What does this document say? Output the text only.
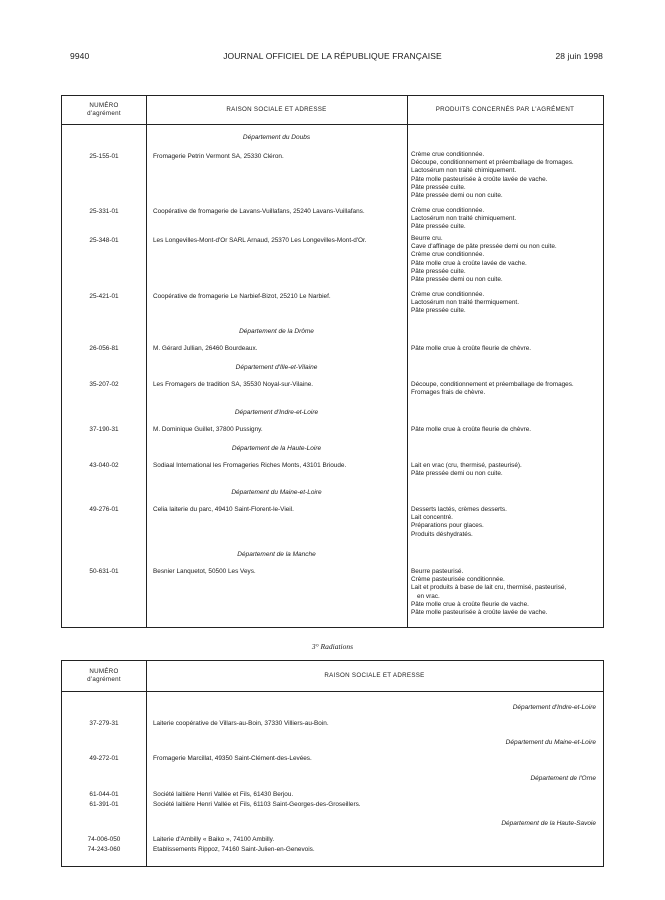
9940	JOURNAL OFFICIEL DE LA RÉPUBLIQUE FRANÇAISE	28 juin 1998
NUMÉRO
d'agrément
RAISON SOCIALE ET ADRESSE	PRODUITS CONCERNÉS PAR L'AGRÉMENT
Département du Doubs
25-155-01	Fromagerie Petrin Vermont SA, 25330 Cléron.	Crème crue conditionnée.
Découpe, conditionnement et préemballage de fromages.
Lactosérum non traité chimiquement.
Pâte molle pasteurisée à croûte lavée de vache.
Pâte pressée cuite.
Pâte pressée demi ou non cuite.
25-331-01	Coopérative de fromagerie de Lavans-Vuillafans, 25240 Lavans-Vuillafans.	Crème crue conditionnée.
Lactosérum non traité chimiquement.
Pâte pressée cuite.
25-348-01	Les Longevilles-Mont-d'Or SARL Arnaud, 25370 Les Longevilles-Mont-d'Or.	Beurre cru.
Cave d'affinage de pâte pressée demi ou non cuite.
Crème crue conditionnée.
Pâte molle crue à croûte lavée de vache.
Pâte pressée cuite.
Pâte pressée demi ou non cuite.
25-421-01	Coopérative de fromagerie Le Narbief-Bizot, 25210 Le Narbief.	Crème crue conditionnée.
Lactosérum non traité thermiquement.
Pâte pressée cuite.
Département de la Drôme
26-056-81	M. Gérard Jullian, 26460 Bourdeaux.	Pâte molle crue à croûte fleurie de chèvre.
Département d'Ille-et-Vilaine
35-207-02	Les Fromagers de tradition SA, 35530 Noyal-sur-Vilaine.	Découpe, conditionnement et préemballage de fromages.
Fromages frais de chèvre.
Département d'Indre-et-Loire
37-190-31	M. Dominique Guillet, 37800 Pussigny.	Pâte molle crue à croûte fleurie de chèvre.
Département de la Haute-Loire
43-040-02	Sodiaal International les Fromageries Riches Monts, 43101 Brioude.	Lait en vrac (cru, thermisé, pasteurisé).
Pâte pressée demi ou non cuite.
Département du Maine-et-Loire
49-276-01	Celia laiterie du parc, 49410 Saint-Florent-le-Vieil.	Desserts lactés, crèmes desserts.
Lait concentré.
Préparations pour glaces.
Produits déshydratés.
Département de la Manche
50-631-01	Besnier Lanquetot, 50500 Les Veys.	Beurre pasteurisé.
Crème pasteurisée conditionnée.
Lait et produits à base de lait cru, thermisé, pasteurisé,
en vrac.
Pâte molle crue à croûte fleurie de vache.
Pâte molle pasteurisée à croûte lavée de vache.
3° Radiations
NUMÉRO
d'agrément
RAISON SOCIALE ET ADRESSE
Département d'Indre-et-Loire
37-279-31	Laiterie coopérative de Villars-au-Boin, 37330 Villiers-au-Boin.
Département du Maine-et-Loire
49-272-01	Fromagerie Marcillat, 49350 Saint-Clément-des-Levées.
Département de l'Orne
61-044-01	Société laitière Henri Vallée et Fils, 61430 Berjou.
61-391-01	Société laitière Henri Vallée et Fils, 61103 Saint-Georges-des-Groseillers.
Département de la Haute-Savoie
74-006-050	Laiterie d'Ambilly « Baiko », 74100 Ambilly.
74-243-060	Etablissements Rippoz, 74160 Saint-Julien-en-Genevois.
